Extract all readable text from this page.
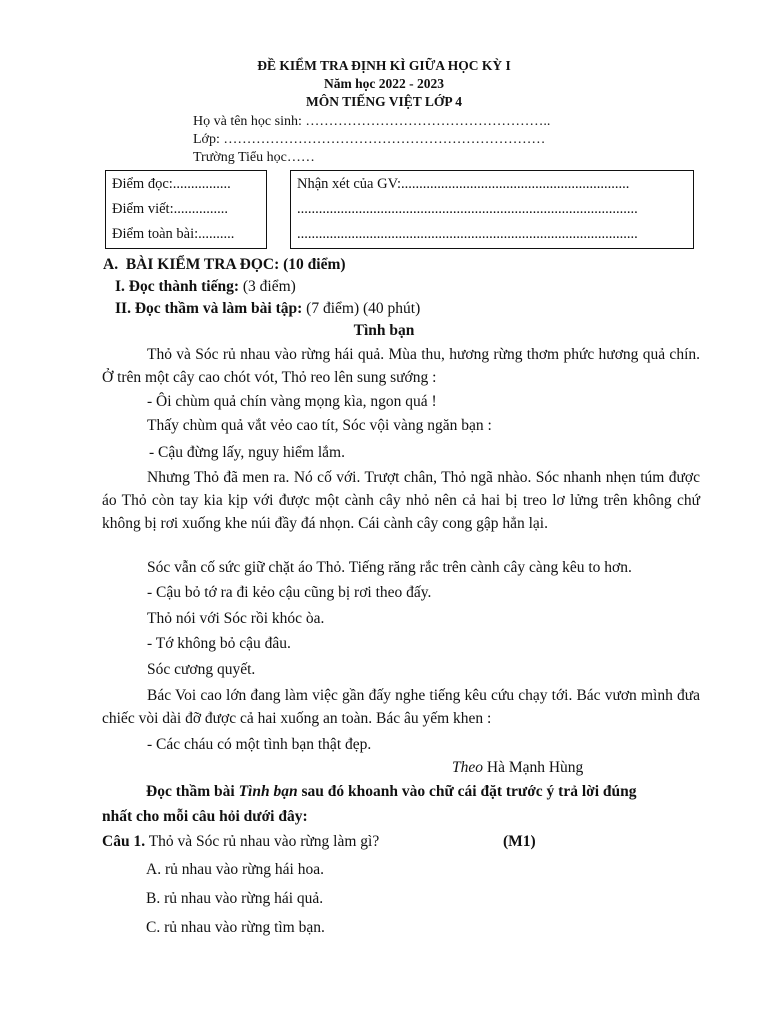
ĐỀ KIỂM TRA ĐỊNH KÌ GIỮA HỌC KỲ I
Năm học 2022 - 2023
MÔN TIẾNG VIỆT LỚP 4
Họ và tên học sinh: ……………………………………………..
Lớp: ……………………………………………………………
Trường Tiểu học……
Điểm đọc:................
Điểm viết:...............
Điểm toàn bài:..........
Nhận xét của GV:...............................................................
..............................................................................................
..............................................................................................
A. BÀI KIỂM TRA ĐỌC: (10 điểm)
I. Đọc thành tiếng: (3 điểm)
II. Đọc thầm và làm bài tập: (7 điểm) (40 phút)
Tình bạn
Thỏ và Sóc rủ nhau vào rừng hái quả. Mùa thu, hương rừng thơm phức hương quả chín. Ở trên một cây cao chót vót, Thỏ reo lên sung sướng :
- Ôi chùm quả chín vàng mọng kìa, ngon quá !
Thấy chùm quả vắt vẻo cao tít, Sóc vội vàng ngăn bạn :
- Cậu đừng lấy, nguy hiểm lắm.
Nhưng Thỏ đã men ra. Nó cố với. Trượt chân, Thỏ ngã nhào. Sóc nhanh nhẹn túm được áo Thỏ còn tay kia kịp với được một cành cây nhỏ nên cả hai bị treo lơ lửng trên không chứ không bị rơi xuống khe núi đầy đá nhọn. Cái cành cây cong gập hẳn lại.
Sóc vẫn cố sức giữ chặt áo Thỏ. Tiếng răng rắc trên cành cây càng kêu to hơn.
- Cậu bỏ tớ ra đi kẻo cậu cũng bị rơi theo đấy.
Thỏ nói với Sóc rồi khóc òa.
- Tớ không bỏ cậu đâu.
Sóc cương quyết.
Bác Voi cao lớn đang làm việc gần đấy nghe tiếng kêu cứu chạy tới. Bác vươn mình đưa chiếc vòi dài đỡ được cả hai xuống an toàn. Bác âu yếm khen :
- Các cháu có một tình bạn thật đẹp.
Theo Hà Mạnh Hùng
Đọc thầm bài Tình bạn sau đó khoanh vào chữ cái đặt trước ý trả lời đúng
nhất cho mỗi câu hỏi dưới đây:
Câu 1. Thỏ và Sóc rủ nhau vào rừng làm gì?	(M1)
A. rủ nhau vào rừng hái hoa.
B. rủ nhau vào rừng hái quả.
C. rủ nhau vào rừng tìm bạn.
